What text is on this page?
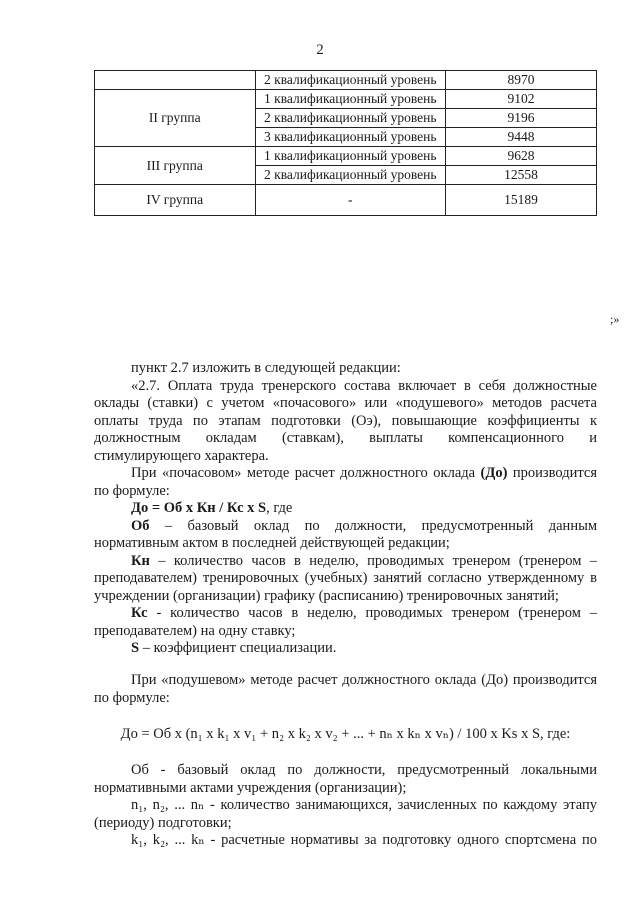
2
	2 квалификационный уровень	8970
II группа	1 квалификационный уровень	9102
	2 квалификационный уровень	9196
	3 квалификационный уровень	9448
III группа	1 квалификационный уровень	9628
	2 квалификационный уровень	12558
IV группа	-	15189
;»

пункт 2.7 изложить в следующей редакции:

«2.7. Оплата труда тренерского состава включает в себя должностные оклады (ставки) с учетом «почасового» или «подушевого» методов расчета оплаты труда по этапам подготовки (Оэ), повышающие коэффициенты к должностным окладам (ставкам), выплаты компенсационного и стимулирующего характера.

При «почасовом» методе расчет должностного оклада (До) производится по формуле:

До = Об х Кн / Кс х S, где

Об – базовый оклад по должности, предусмотренный данным нормативным актом в последней действующей редакции;

Кн – количество часов в неделю, проводимых тренером (тренером – преподавателем) тренировочных (учебных) занятий согласно утвержденному в учреждении (организации) графику (расписанию) тренировочных занятий;

Кс - количество часов в неделю, проводимых тренером (тренером – преподавателем) на одну ставку;

S – коэффициент специализации.

При «подушевом» методе расчет должностного оклада (До) производится по формуле:

До = Об х (n₁ х k₁ х v₁ + n₂ х k₂ х v₂ + ... + nₙ х kₙ х vₙ) / 100 х Ks х S, где:

Об - базовый оклад по должности, предусмотренный локальными нормативными актами учреждения (организации);

n₁, n₂, ... nₙ - количество занимающихся, зачисленных по каждому этапу (периоду) подготовки;

k₁, k₂, ... kₙ - расчетные нормативы за подготовку одного спортсмена по
